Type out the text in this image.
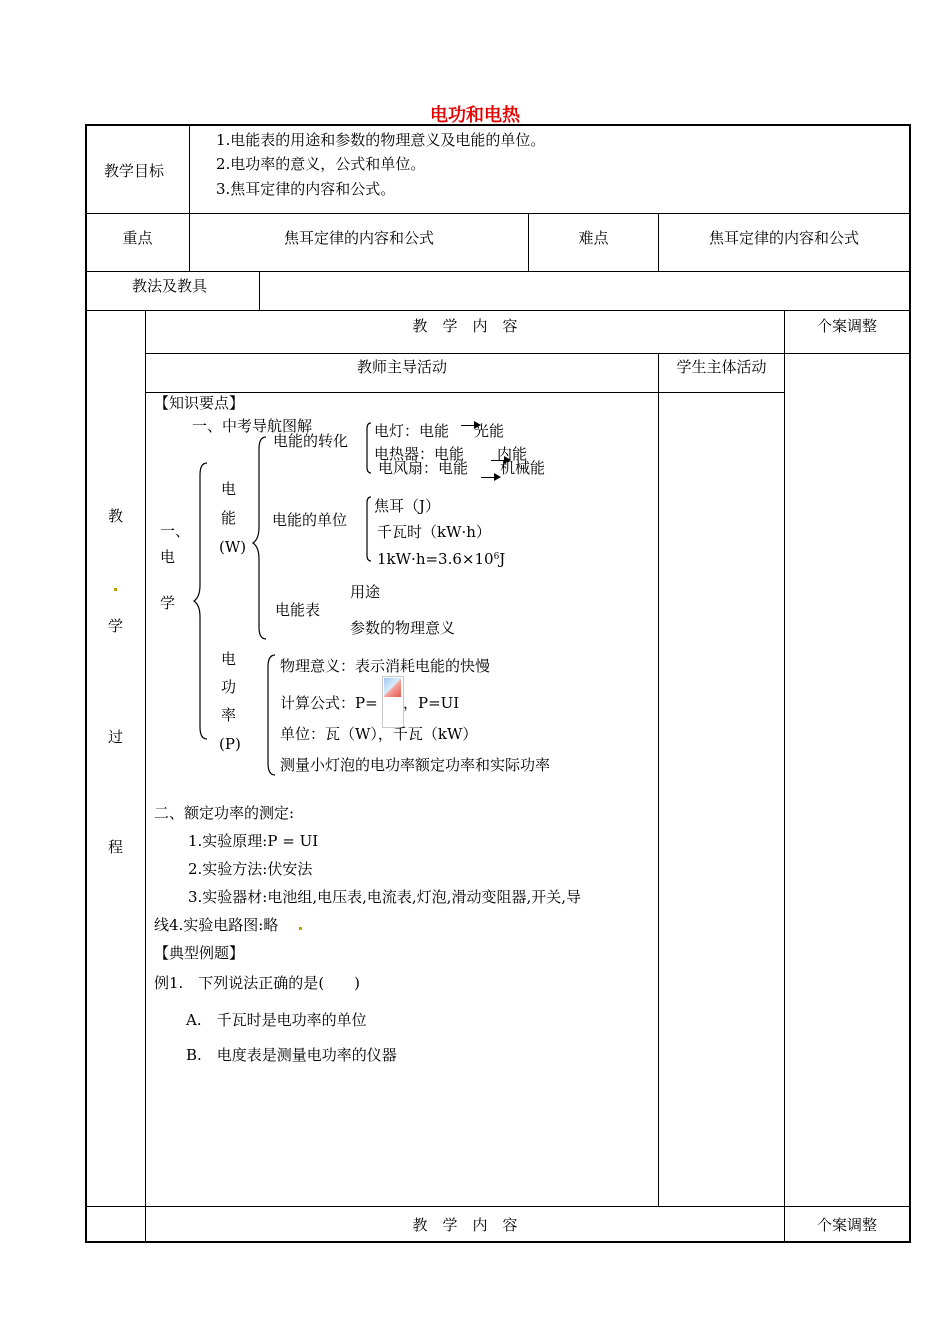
电功和电热
教学目标
1.电能表的用途和参数的物理意义及电能的单位。
2.电功率的意义，公式和单位。
3.焦耳定律的内容和公式。
重点	焦耳定律的内容和公式	难点	焦耳定律的内容和公式
教法及教具
教
学
过
程
教　学　内　容	个案调整
教师主导活动	学生主体活动
【知识要点】
一、中考导航图解
一、
电
学
电
能
(W)
电能的转化
电灯：电能 光能
电热器：电能 内能
电风扇：电能 机械能
电能的单位
焦耳（J）
千瓦时（kW·h）
$1kW\cdot h=3.6\times 10^6J$
电能表
用途
参数的物理意义
电
功
率
(P)
物理意义：表示消耗电能的快慢
计算公式：P= ，P=UI
单位：瓦（W），千瓦（kW）
测量小灯泡的电功率额定功率和实际功率
二、额定功率的测定:
1.实验原理:P = UI
2.实验方法:伏安法
3.实验器材:电池组,电压表,电流表,灯泡,滑动变阻器,开关,导
线4.实验电路图:略
【典型例题】
例1.　下列说法正确的是(　　)
A.　千瓦时是电功率的单位
B.　电度表是测量电功率的仪器
教　学　内　容	个案调整
